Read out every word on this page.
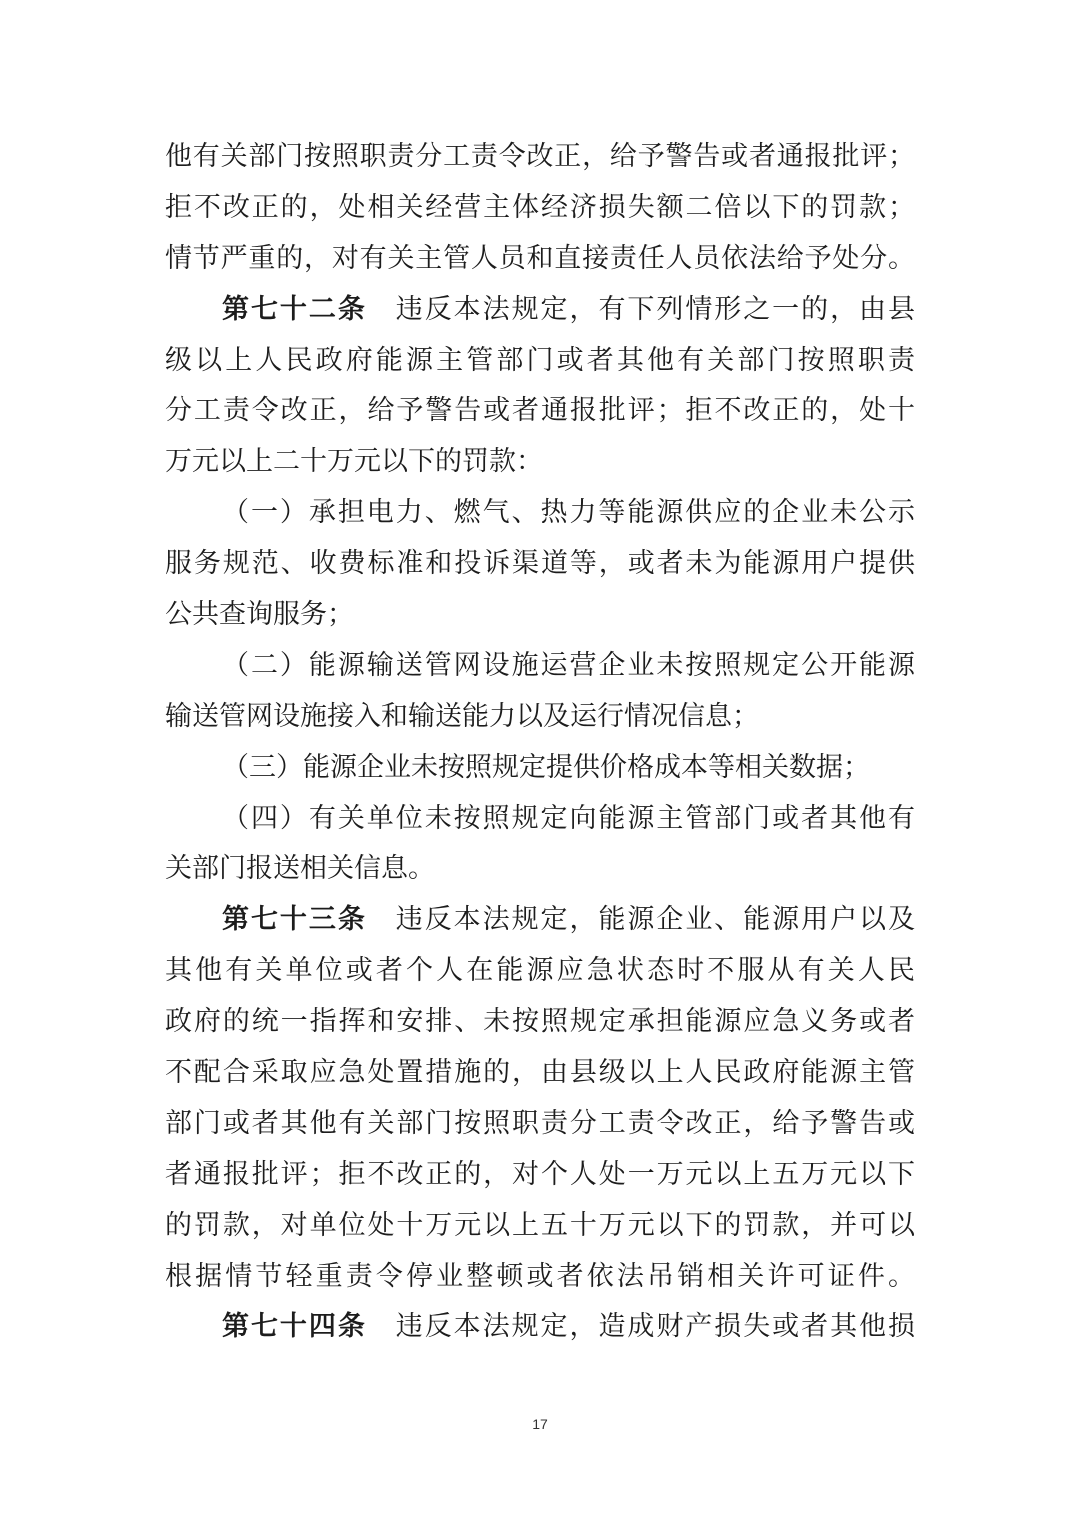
他有关部门按照职责分工责令改正，给予警告或者通报批评；
拒不改正的，处相关经营主体经济损失额二倍以下的罚款；
情节严重的，对有关主管人员和直接责任人员依法给予处分。
第七十二条 违反本法规定，有下列情形之一的，由县
级以上人民政府能源主管部门或者其他有关部门按照职责
分工责令改正，给予警告或者通报批评；拒不改正的，处十
万元以上二十万元以下的罚款：
（一）承担电力、燃气、热力等能源供应的企业未公示
服务规范、收费标准和投诉渠道等，或者未为能源用户提供
公共查询服务；
（二）能源输送管网设施运营企业未按照规定公开能源
输送管网设施接入和输送能力以及运行情况信息；
（三）能源企业未按照规定提供价格成本等相关数据；
（四）有关单位未按照规定向能源主管部门或者其他有
关部门报送相关信息。
第七十三条 违反本法规定，能源企业、能源用户以及
其他有关单位或者个人在能源应急状态时不服从有关人民
政府的统一指挥和安排、未按照规定承担能源应急义务或者
不配合采取应急处置措施的，由县级以上人民政府能源主管
部门或者其他有关部门按照职责分工责令改正，给予警告或
者通报批评；拒不改正的，对个人处一万元以上五万元以下
的罚款，对单位处十万元以上五十万元以下的罚款，并可以
根据情节轻重责令停业整顿或者依法吊销相关许可证件。
第七十四条 违反本法规定，造成财产损失或者其他损
17
